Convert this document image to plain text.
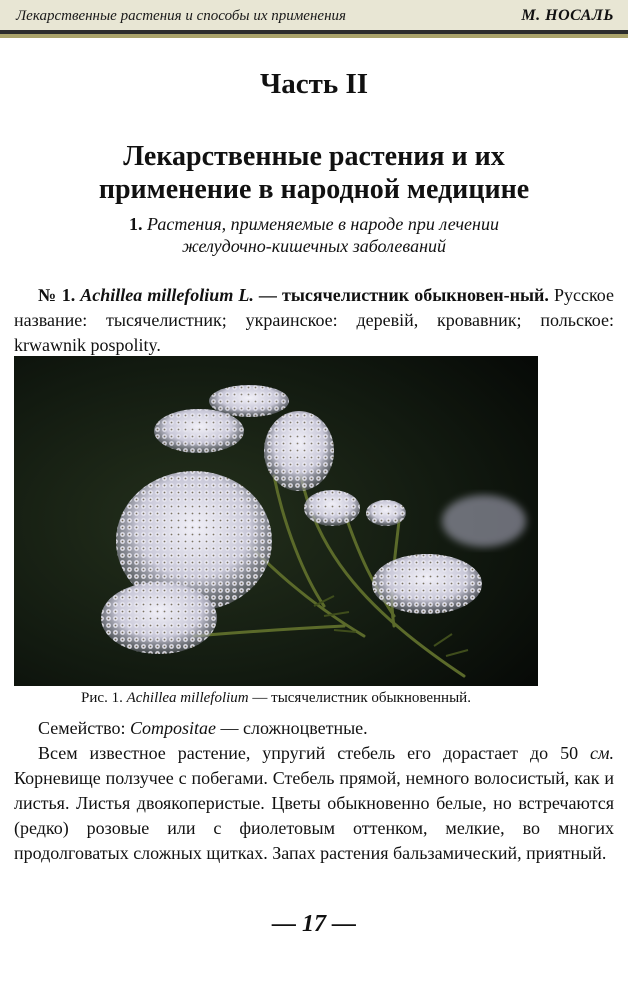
Лекарственные растения и способы их применения	М. НОСАЛЬ
Часть II
Лекарственные растения и их
применение в народной медицине

1. Растения, применяемые в народе при лечении
желудочно-кишечных заболеваний

№ 1. Achillea millefolium L. — тысячелистник обыкновен-ный. Русское название: тысячелистник; украинское: деревій, кровавник; польское: krwawnik pospolity.

Рис. 1. Achillea millefolium — тысячелистник обыкновенный.

Семейство: Compositae — сложноцветные.

Всем известное растение, упругий стебель его дорастает до 50 см. Корневище ползучее с побегами. Стебель прямой, немного волосистый, как и листья. Листья двоякоперистые. Цветы обыкновенно белые, но встречаются (редко) розовые или с фиолетовым оттенком, мелкие, во многих продолговатых сложных щитках. Запах растения бальзамический, приятный.

— 17 —
